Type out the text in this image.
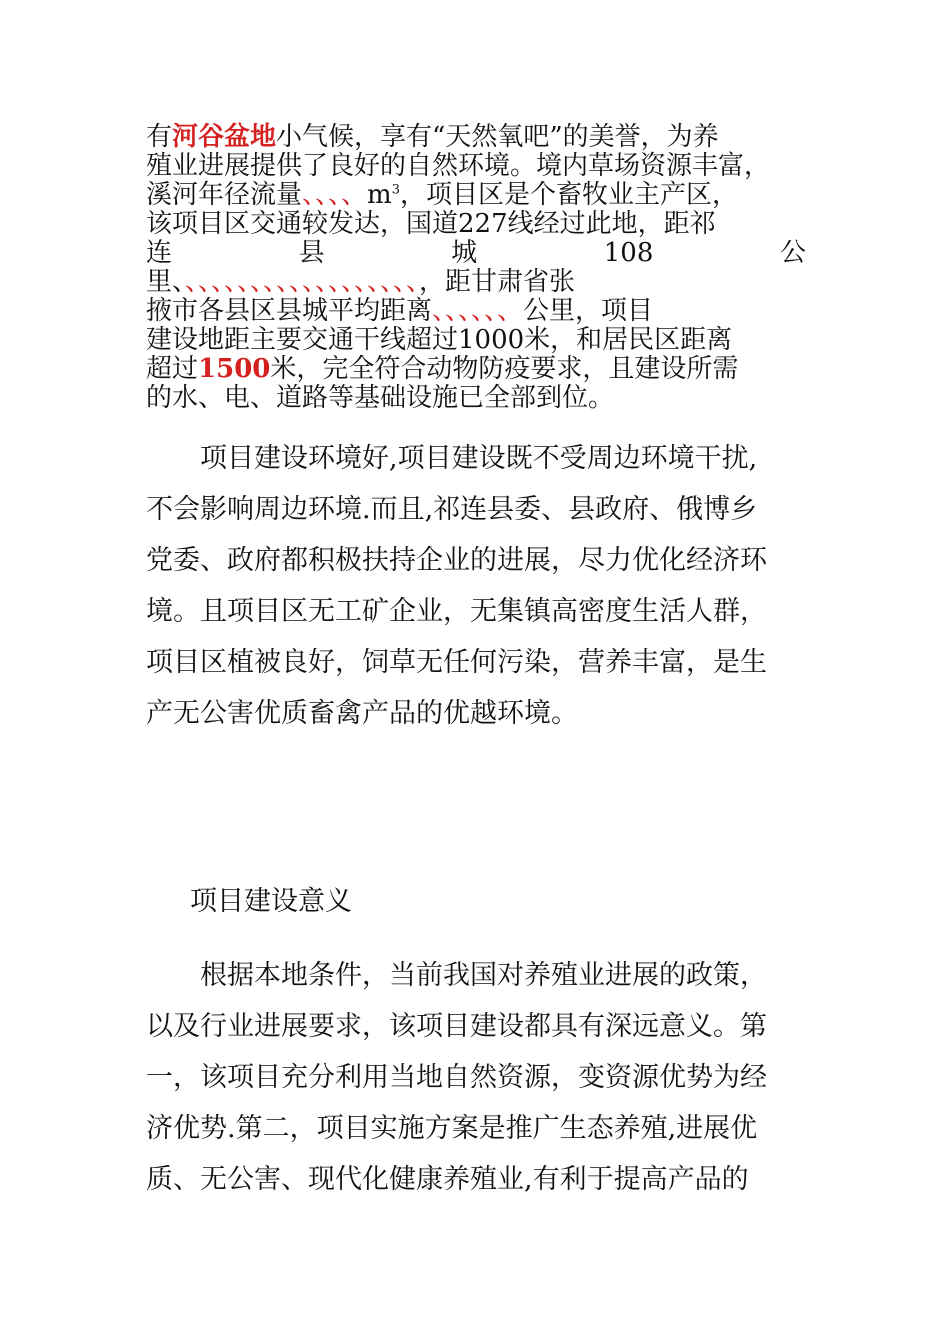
有河谷盆地小气候，享有“天然氧吧”的美誉，为养
殖业进展提供了良好的自然环境。境内草场资源丰富，
溪河年径流量、、、、$m^3$，项目区是个畜牧业主产区，
该项目区交通较发达，国道227线经过此地，距祁
连	县	城	108	公
里、、、、、、、、、、、、、、、、、、、，距甘肃省张
掖市各县区县城平均距离、、、、、、公里，项目
建设地距主要交通干线超过1000米，和居民区距离
超过1500米，完全符合动物防疫要求，且建设所需
的水、电、道路等基础设施已全部到位。
　　项目建设环境好,项目建设既不受周边环境干扰,
不会影响周边环境.而且,祁连县委、县政府、俄博乡
党委、政府都积极扶持企业的进展，尽力优化经济环
境。且项目区无工矿企业，无集镇高密度生活人群，
项目区植被良好，饲草无任何污染，营养丰富，是生
产无公害优质畜禽产品的优越环境。
项目建设意义
　　根据本地条件，当前我国对养殖业进展的政策，
以及行业进展要求，该项目建设都具有深远意义。第
一，该项目充分利用当地自然资源，变资源优势为经
济优势.第二，项目实施方案是推广生态养殖,进展优
质、无公害、现代化健康养殖业,有利于提高产品的
